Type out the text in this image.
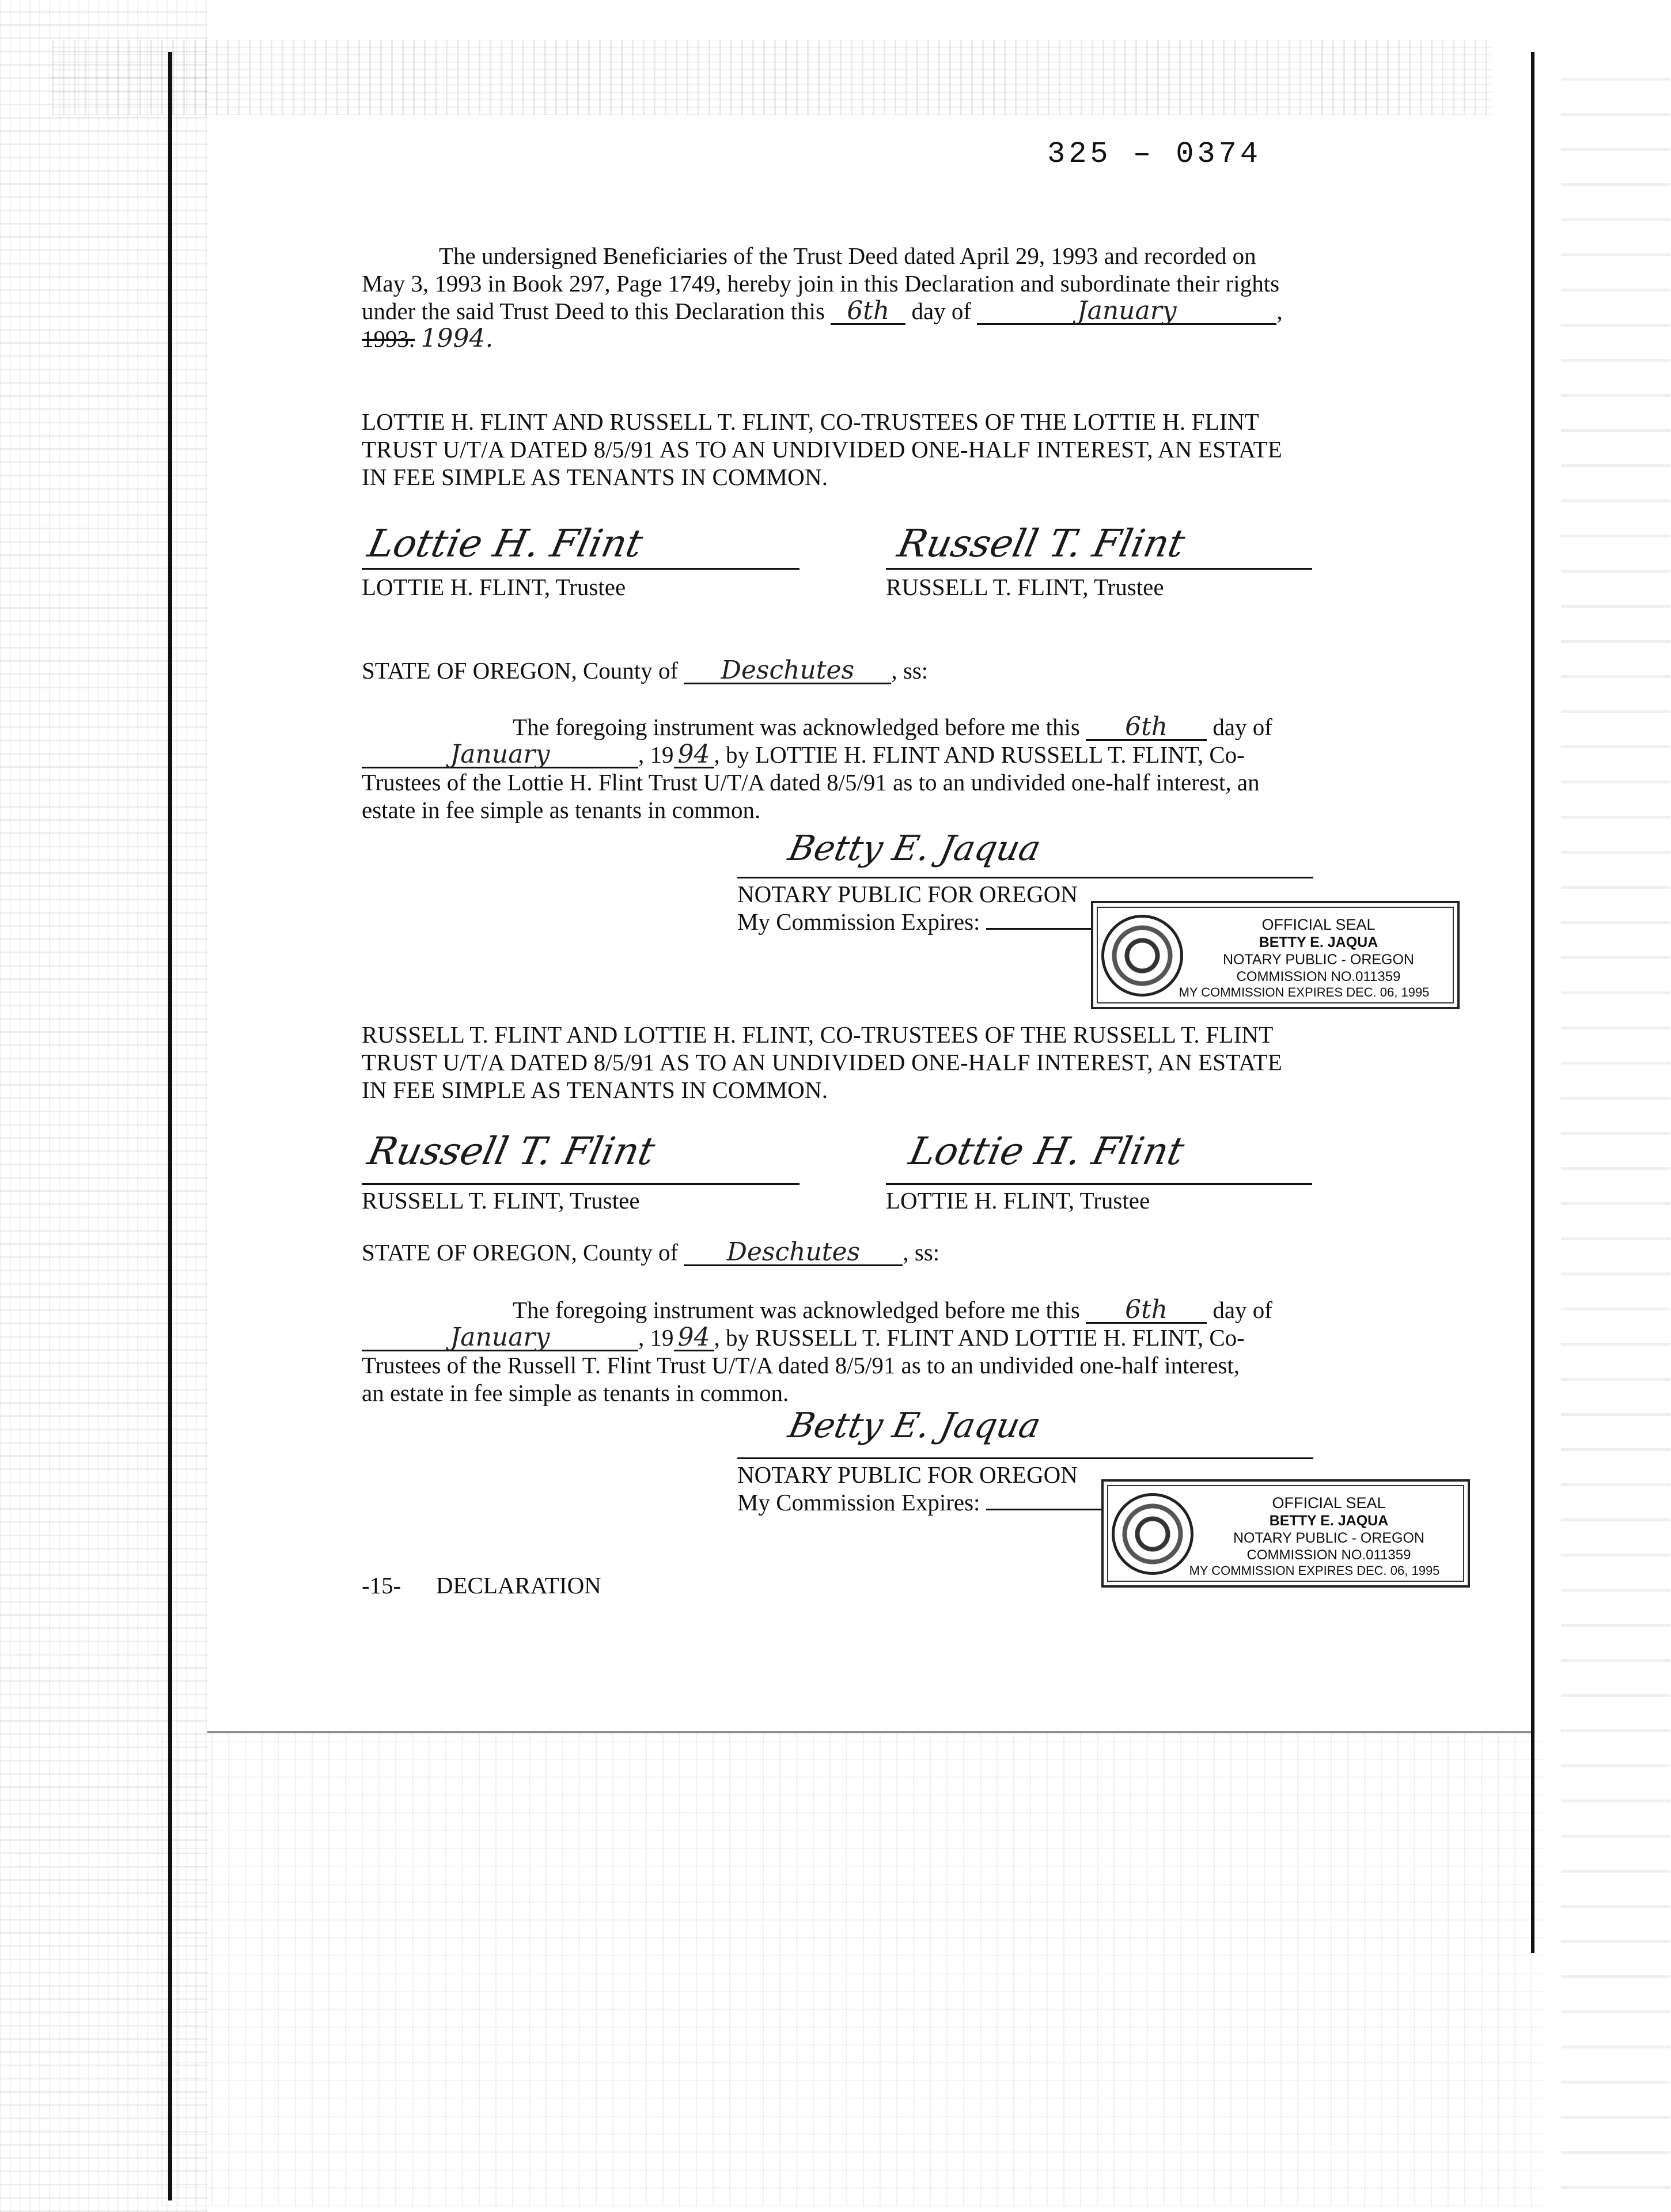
325 – 0374
The undersigned Beneficiaries of the Trust Deed dated April 29, 1993 and recorded on
May 3, 1993 in Book 297, Page 1749, hereby join in this Declaration and subordinate their rights
under the said Trust Deed to this Declaration this 6th day of	January	,
1993. 1994.
LOTTIE H. FLINT AND RUSSELL T. FLINT, CO-TRUSTEES OF THE LOTTIE H. FLINT
TRUST U/T/A DATED 8/5/91 AS TO AN UNDIVIDED ONE-HALF INTEREST, AN ESTATE
IN FEE SIMPLE AS TENANTS IN COMMON.
Lottie H. Flint
LOTTIE H. FLINT, Trustee
Russell T. Flint
RUSSELL T. FLINT, Trustee
STATE OF OREGON, County of Deschutes , ss:
The foregoing instrument was acknowledged before me this 6th day of
January	, 19 94 , by LOTTIE H. FLINT AND RUSSELL T. FLINT, Co-
Trustees of the Lottie H. Flint Trust U/T/A dated 8/5/91 as to an undivided one-half interest, an
estate in fee simple as tenants in common.
Betty E. Jaqua
NOTARY PUBLIC FOR OREGON
My Commission Expires:	OFFICIAL SEAL
BETTY E. JAQUA
NOTARY PUBLIC - OREGON
COMMISSION NO.011359
MY COMMISSION EXPIRES DEC. 06, 1995
RUSSELL T. FLINT AND LOTTIE H. FLINT, CO-TRUSTEES OF THE RUSSELL T. FLINT
TRUST U/T/A DATED 8/5/91 AS TO AN UNDIVIDED ONE-HALF INTEREST, AN ESTATE
IN FEE SIMPLE AS TENANTS IN COMMON.
Russell T. Flint
RUSSELL T. FLINT, Trustee
Lottie H. Flint
LOTTIE H. FLINT, Trustee
STATE OF OREGON, County of Deschutes , ss:
The foregoing instrument was acknowledged before me this 6th day of
January	, 19 94 , by RUSSELL T. FLINT AND LOTTIE H. FLINT, Co-
Trustees of the Russell T. Flint Trust U/T/A dated 8/5/91 as to an undivided one-half interest,
an estate in fee simple as tenants in common.
Betty E. Jaqua
NOTARY PUBLIC FOR OREGON
My Commission Expires:	OFFICIAL SEAL
BETTY E. JAQUA
NOTARY PUBLIC - OREGON
COMMISSION NO.011359
MY COMMISSION EXPIRES DEC. 06, 1995
-15- DECLARATION
